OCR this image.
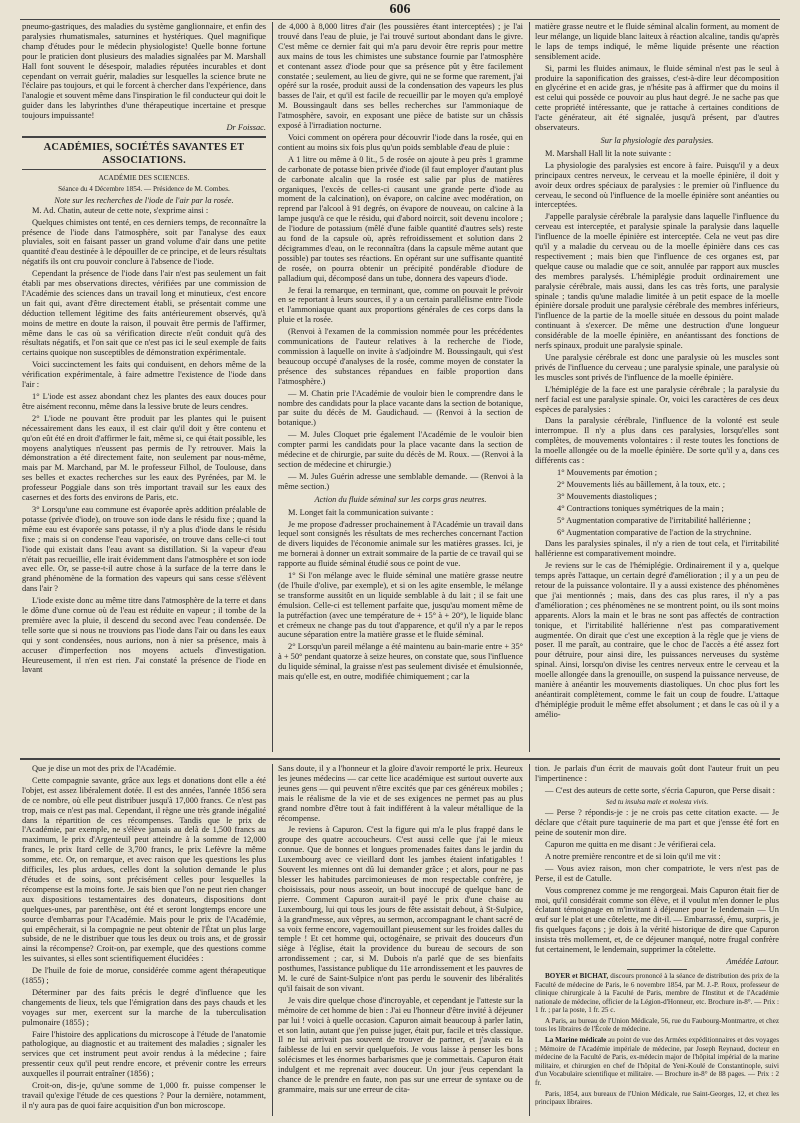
606

pneumo-gastriques, des maladies du système ganglionnaire, et enfin des paralysies rhumatismales, saturnines et hystériques. Quel magnifique champ d'études pour le médecin physiologiste! Quelle bonne fortune pour le praticien dont plusieurs des maladies signalées par M. Marshall Hall font souvent le désespoir, maladies réputées incurables et dont cependant on verrait guérir, maladies sur lesquelles la science brute ne l'éclaire pas toujours, et qui le forcent à chercher dans l'expérience, dans l'analogie et souvent même dans l'inspiration le fil conducteur qui doit le guider dans les labyrinthes d'une thérapeutique incertaine et presque toujours impuissante!

Dr Foissac.

ACADÉMIES, SOCIÉTÉS SAVANTES ET ASSOCIATIONS.
ACADÉMIE DES SCIENCES.
Séance du 4 Décembre 1854. — Présidence de M. Combes.
Note sur les recherches de l'iode de l'air par la rosée.

M. Ad. Chatin, auteur de cette note, s'exprime ainsi :

Quelques chimistes ont tenté, en ces derniers temps, de reconnaître la présence de l'iode dans l'atmosphère, soit par l'analyse des eaux pluviales, soit en faisant passer un grand volume d'air dans une petite quantité d'eau destinée à le dépouiller de ce principe, et de leurs résultats négatifs ils ont cru pouvoir conclure à l'absence de l'iode.

Cependant la présence de l'iode dans l'air n'est pas seulement un fait établi par mes observations directes, vérifiées par une commission de l'Académie des sciences dans un travail long et minutieux, c'est encore un fait qui, avant d'être directement établi, se présentait comme une déduction tellement légitime des faits antérieurement observés, qu'à moins de mettre en doute la raison, il pouvait être permis de l'affirmer, même dans le cas où sa vérification directe n'eût conduit qu'à des résultats négatifs, et l'on sait que ce n'est pas ici le seul exemple de faits certains quoique non susceptibles de démonstration expérimentale.

Voici succinctement les faits qui conduisent, en dehors même de la vérification expérimentale, à faire admettre l'existence de l'iode dans l'air :

1° L'iode est assez abondant chez les plantes des eaux douces pour être aisément reconnu, même dans la lessive brute de leurs cendres.

2° L'iode ne pouvant être produit par les plantes qui le puisent nécessairement dans les eaux, il est clair qu'il doit y être contenu et qu'on eût été en droit d'affirmer le fait, même si, ce qui était possible, les moyens analytiques n'eussent pas permis de l'y retrouver. Mais la démonstration a été directement faite, non seulement par nous-même, mais par M. Marchand, par M. le professeur Filhol, de Toulouse, dans ses belles et exactes recherches sur les eaux des Pyrénées, par M. le professeur Poggiale dans son très important travail sur les eaux des casernes et des forts des environs de Paris, etc.

3° Lorsqu'une eau commune est évaporée après addition préalable de potasse (privée d'iode), on trouve son iode dans le résidu fixe ; quand la même eau est évaporée sans potasse, il n'y a plus d'iode dans le résidu fixe ; mais si on condense l'eau vaporisée, on trouve dans celle-ci tout l'iode qui existait dans l'eau avant sa distillation. Si la vapeur d'eau n'était pas recueillie, elle irait évidemment dans l'atmosphère et son iode avec elle. Or, se passe-t-il autre chose à la surface de la terre dans le grand phénomène de la formation des vapeurs qui sans cesse s'élèvent dans l'air ?

L'iode existe donc au même titre dans l'atmosphère de la terre et dans le dôme d'une cornue où de l'eau est réduite en vapeur ; il tombe de la première avec la pluie, il descend du second avec l'eau condensée. De telle sorte que si nous ne trouvions pas l'iode dans l'air ou dans les eaux qui y sont condensées, nous aurions, non à nier sa présence, mais à accuser d'imperfection nos moyens actuels d'investigation. Heureusement, il n'en est rien. J'ai constaté la présence de l'iode en lavant

de 4,000 à 8,000 litres d'air (les poussières étant interceptées) ; je l'ai trouvé dans l'eau de pluie, je l'ai trouvé surtout abondant dans le givre. C'est même ce dernier fait qui m'a paru devoir être repris pour mettre aux mains de tous les chimistes une substance fournie par l'atmosphère et contenant assez d'iode pour que sa présence pût y être facilement constatée ; seulement, au lieu de givre, qui ne se forme que rarement, j'ai opéré sur la rosée, produit aussi de la condensation des vapeurs les plus basses de l'air, et qu'il est facile de recueillir par le moyen qu'a employé M. Boussingault dans ses belles recherches sur l'ammoniaque de l'atmosphère, savoir, en exposant une pièce de batiste sur un châssis exposé à l'irradiation nocturne.

Voici comment on opérera pour découvrir l'iode dans la rosée, qui en contient au moins six fois plus qu'un poids semblable d'eau de pluie :

A 1 litre ou même à 0 lit., 5 de rosée on ajoute à peu près 1 gramme de carbonate de potasse bien privée d'iode (il faut employer d'autant plus de carbonate alcalin que la rosée est salie par plus de matières organiques, l'excès de celles-ci causant une grande perte d'iode au moment de la calcination), on évapore, on calcine avec modération, on reprend par l'alcool à 91 degrés, on évapore de nouveau, on calcine à la lampe jusqu'à ce que le résidu, qui d'abord noircit, soit devenu incolore ; de l'iodure de potassium (mêlé d'une faible quantité d'autres sels) reste au fond de la capsule où, après refroidissement et solution dans 2 décigrammes d'eau, on le reconnaîtra (dans la capsule même autant que possible) par toutes ses réactions. En opérant sur une suffisante quantité de rosée, on pourra obtenir un précipité pondérable d'iodure de palladium qui, décomposé dans un tube, donnera des vapeurs d'iode.

Je ferai la remarque, en terminant, que, comme on pouvait le prévoir en se reportant à leurs sources, il y a un certain parallélisme entre l'iode et l'ammoniaque quant aux proportions générales de ces corps dans la pluie et la rosée.

(Renvoi à l'examen de la commission nommée pour les précédentes communications de l'auteur relatives à la recherche de l'iode, commission à laquelle on invite à s'adjoindre M. Boussingault, qui s'est beaucoup occupé d'analyses de la rosée, comme moyen de constater la présence des substances répandues en faible proportion dans l'atmosphère.)

— M. Chatin prie l'Académie de vouloir bien le comprendre dans le nombre des candidats pour la place vacante dans la section de botanique, par suite du décès de M. Gaudichaud. — (Renvoi à la section de botanique.)

— M. Jules Cloquet prie également l'Académie de le vouloir bien compter parmi les candidats pour la place vacante dans la section de médecine et de chirurgie, par suite du décès de M. Roux. — (Renvoi à la section de médecine et chirurgie.)

— M. Jules Guérin adresse une semblable demande. — (Renvoi à la même section.)

Action du fluide séminal sur les corps gras neutres.

M. Longet fait la communication suivante :

Je me propose d'adresser prochainement à l'Académie un travail dans lequel sont consignés les résultats de mes recherches concernant l'action de divers liquides de l'économie animale sur les matières grasses. Ici, je me bornerai à donner un extrait sommaire de la partie de ce travail qui se rapporte au fluide séminal étudié sous ce point de vue.

1° Si l'on mélange avec le fluide séminal une matière grasse neutre (de l'huile d'olive, par exemple), et si on les agite ensemble, le mélange se transforme aussitôt en un liquide semblable à du lait ; il se fait une émulsion. Celle-ci est tellement parfaite que, jusqu'au moment même de la putréfaction (avec une température de + 15° à + 20°), le liquide blanc et crémeux ne change pas du tout d'apparence, et qu'il n'y a par le repos aucune séparation entre la matière grasse et le fluide séminal.

2° Lorsqu'un pareil mélange a été maintenu au bain-marie entre + 35° à + 50° pendant quatorze à seize heures, on constate que, sous l'influence du liquide séminal, la graisse n'est pas seulement divisée et émulsionnée, mais qu'elle est, en outre, modifiée chimiquement ; car la

matière grasse neutre et le fluide séminal alcalin forment, au moment de leur mélange, un liquide blanc laiteux à réaction alcaline, tandis qu'après le laps de temps indiqué, le même liquide présente une réaction sensiblement acide.

Si, parmi les fluides animaux, le fluide séminal n'est pas le seul à produire la saponification des graisses, c'est-à-dire leur décomposition en glycérine et en acide gras, je n'hésite pas à affirmer que du moins il est celui qui possède ce pouvoir au plus haut degré. Je ne sache pas que cette propriété intéressante, que je rattache à certaines conditions de l'acte générateur, ait été signalée, jusqu'à présent, par d'autres observateurs.

Sur la physiologie des paralysies.

M. Marshall Hall lit la note suivante :

La physiologie des paralysies est encore à faire. Puisqu'il y a deux principaux centres nerveux, le cerveau et la moelle épinière, il doit y avoir deux ordres spéciaux de paralysies : le premier où l'influence du cerveau, le second où l'influence de la moelle épinière sont anéanties ou interceptées.

J'appelle paralysie cérébrale la paralysie dans laquelle l'influence du cerveau est interceptée, et paralysie spinale la paralysie dans laquelle l'influence de la moelle épinière est interceptée. Cela ne veut pas dire qu'il y a maladie du cerveau ou de la moelle épinière dans ces cas respectivement ; mais bien que l'influence de ces organes est, par quelque cause ou maladie que ce soit, annulée par rapport aux muscles des membres paralysés. L'hémiplégie produit ordinairement une paralysie cérébrale, mais aussi, dans les cas très forts, une paralysie spinale ; tandis qu'une maladie limitée à un petit espace de la moelle épinière dorsale produit une paralysie cérébrale des membres inférieurs, l'influence de la partie de la moelle située en dessous du point malade continuant à s'exercer. De même une destruction d'une longueur considérable de la moelle épinière, en anéantissant des fonctions de nerfs spinaux, produit une paralysie spinale.

Une paralysie cérébrale est donc une paralysie où les muscles sont privés de l'influence du cerveau ; une paralysie spinale, une paralysie où les muscles sont privés de l'influence de la moelle épinière.

L'hémiplégie de la face est une paralysie cérébrale ; la paralysie du nerf facial est une paralysie spinale. Or, voici les caractères de ces deux espèces de paralysies :

Dans la paralysie cérébrale, l'influence de la volonté est seule interrompue. Il n'y a plus dans ces paralysies, lorsqu'elles sont complètes, de mouvements volontaires : il reste toutes les fonctions de la moelle allongée ou de la moelle épinière. De sorte qu'il y a, dans ces différents cas :

1° Mouvements par émotion ;

2° Mouvements liés au bâillement, à la toux, etc. ;

3° Mouvements diastoliques ;

4° Contractions toniques symétriques de la main ;

5° Augmentation comparative de l'irritabilité hallérienne ;

6° Augmentation comparative de l'action de la strychnine.

Dans les paralysies spinales, il n'y a rien de tout cela, et l'irritabilité hallérienne est comparativement moindre.

Je reviens sur le cas de l'hémiplégie. Ordinairement il y a, quelque temps après l'attaque, un certain degré d'amélioration ; il y a un peu de retour de la puissance volontaire. Il y a aussi existence des phénomènes que j'ai mentionnés ; mais, dans des cas plus rares, il n'y a pas d'amélioration ; ces phénomènes ne se montrent point, ou ils sont moins apparents. Alors la main et le bras ne sont pas affectés de contraction tonique, et l'irritabilité hallérienne n'est pas comparativement augmentée. On dirait que c'est une exception à la règle que je viens de poser. Il me paraît, au contraire, que le choc de l'accès a été assez fort pour détruire, pour ainsi dire, les puissances nerveuses du système spinal. Ainsi, lorsqu'on divise les centres nerveux entre le cerveau et la moelle allongée dans la grenouille, on suspend la puissance nerveuse, de manière à anéantir les mouvements diastoliques. Un choc plus fort les anéantirait complètement, comme le fait un coup de foudre. L'attaque d'hémiplégie produit le même effet absolument ; et dans le cas où il y a amélio-

Que je dise un mot des prix de l'Académie.

Cette compagnie savante, grâce aux legs et donations dont elle a été l'objet, est assez libéralement dotée. Il est des années, l'année 1856 sera de ce nombre, où elle peut distribuer jusqu'à 17,000 francs. Ce n'est pas trop, mais ce n'est pas mal. Cependant, il règne une très grande inégalité dans la répartition de ces récompenses. Tandis que le prix de l'Académie, par exemple, ne s'élève jamais au delà de 1,500 francs au maximum, le prix d'Argenteuil peut atteindre à la somme de 12,000 francs, le prix Itard celle de 3,700 francs, le prix Lefèvre la même somme, etc. Or, on remarque, et avec raison que les questions les plus difficiles, les plus ardues, celles dont la solution demande le plus d'études et de soins, sont précisément celles pour lesquelles la récompense est la moins forte. Je sais bien que l'on ne peut rien changer aux dispositions testamentaires des donateurs, dispositions dont quelques-unes, par parenthèse, ont été et seront longtemps encore une source d'embarras pour l'Académie. Mais pour le prix de l'Académie, qui empêcherait, si la compagnie ne peut obtenir de l'État un plus large subside, de ne le distribuer que tous les deux ou trois ans, et de grossir ainsi la récompense? Croit-on, par exemple, que des questions comme les suivantes, si elles sont scientifiquement élucidées :

De l'huile de foie de morue, considérée comme agent thérapeutique (1855) ;

Déterminer par des faits précis le degré d'influence que les changements de lieux, tels que l'émigration dans des pays chauds et les voyages sur mer, exercent sur la marche de la tuberculisation pulmonaire (1855) ;

Faire l'histoire des applications du microscope à l'étude de l'anatomie pathologique, au diagnostic et au traitement des maladies ; signaler les services que cet instrument peut avoir rendus à la médecine ; faire pressentir ceux qu'il peut rendre encore, et prévenir contre les erreurs auxquelles il pourrait entraîner (1856) ;

Croit-on, dis-je, qu'une somme de 1,000 fr. puisse compenser le travail qu'exige l'étude de ces questions ? Pour la dernière, notamment, il n'y aura pas de quoi faire acquisition d'un bon microscope.

Sans doute, il y a l'honneur et la gloire d'avoir remporté le prix. Heureux les jeunes médecins — car cette lice académique est surtout ouverte aux jeunes gens — qui peuvent n'être excités que par ces généreux mobiles ; mais le réalisme de la vie et de ses exigences ne permet pas au plus grand nombre d'être tout à fait indifférent à la valeur métallique de la récompense.

Je reviens à Capuron. C'est la figure qui m'a le plus frappé dans le groupe des quatre accoucheurs. C'est aussi celle que j'ai le mieux connue. Que de bonnes et longues promenades faites dans le jardin du Luxembourg avec ce vieillard dont les jambes étaient infatigables ! Souvent les miennes ont dû lui demander grâce ; et alors, pour ne pas blesser les habitudes parcimonieuses de mon respectable confrère, je choisissais, pour nous asseoir, un bout inoccupé de quelque banc de pierre. Comment Capuron aurait-il payé le prix d'une chaise au Luxembourg, lui qui tous les jours de fête assistait debout, à St-Sulpice, à la grand'messe, aux vêpres, au sermon, accompagnant le chant sacré de sa voix ferme encore, vagemouillant pieusement sur les froides dalles du temple ! Et cet homme qui, octogénaire, se privait des douceurs d'un siège à l'église, était la providence du bureau de secours de son arrondissement ; car, si M. Dubois n'a parlé que de ses bienfaits posthumes, l'assistance publique du 11e arrondissement et les pauvres de M. le curé de Saint-Sulpice n'ont pas perdu le souvenir des libéralités qu'il faisait de son vivant.

Je vais dire quelque chose d'incroyable, et cependant je l'atteste sur la mémoire de cet homme de bien : J'ai eu l'honneur d'être invité à déjeuner par lui ! voici à quelle occasion. Capuron aimait beaucoup à parler latin, et son latin, autant que j'en puisse juger, était pur, facile et très classique. Il ne lui arrivait pas souvent de trouver de partner, et j'avais eu la faiblesse de lui en servir quelquefois. Je vous laisse à penser les bons solécismes et les énormes barbarismes que je commettais. Capuron était indulgent et me reprenait avec douceur. Un jour j'eus cependant la chance de le prendre en faute, non pas sur une erreur de syntaxe ou de grammaire, mais sur une erreur de cita-

tion. Je parlais d'un écrit de mauvais goût dont l'auteur fruit un peu l'impertinence :

— C'est des auteurs de cette sorte, s'écria Capuron, que Perse disait :

Sed tu insulsa male et molesta vivis.

— Perse ? répondis-je : je ne crois pas cette citation exacte. — Je déclare que c'était pure taquinerie de ma part et que j'ensse été fort en peine de soutenir mon dire.

Capuron me quitta en me disant : Je vérifierai cela.

A notre première rencontre et de si loin qu'il me vit :

— Vous aviez raison, mon cher compatriote, le vers n'est pas de Perse, il est de Catulle.

Vous comprenez comme je me rengorgeai. Mais Capuron était fier de moi, qu'il considérait comme son élève, et il voulut m'en donner le plus éclatant témoignage en m'invitant à déjeuner pour le lendemain — Un œuf sur le plat et une côtelette, me dit-il. — Embarrassé, ému, surpris, je fis quelques façons ; je dois à la vérité historique de dire que Capuron insista très mollement, et, de ce déjeuner manqué, notre frugal confrère fut certainement, le lendemain, supprimer la côtelette.

Amédée Latour.

BOYER et BICHAT, discours prononcé à la séance de distribution des prix de la Faculté de médecine de Paris, le 6 novembre 1854, par M. J.-P. Roux, professeur de clinique chirurgicale à la Faculté de Paris, membre de l'Institut et de l'Académie nationale de médecine, officier de la Légion-d'Honneur, etc. Brochure in-8°. — Prix : 1 fr. ; par la poste, 1 fr. 25 c.

A Paris, au bureau de l'Union Médicale, 56, rue du Faubourg-Montmartre, et chez tous les libraires de l'École de médecine.

La Marine médicale au point de vue des Armées expéditionnaires et des voyages ; Mémoire de l'Académie impériale de médecine, par Joseph Reynaud, docteur en médecine de la Faculté de Paris, ex-médecin major de l'hôpital impérial de la marine militaire, et chirurgien en chef de l'hôpital de Yeni-Koulé de Constantinople, suivi d'un Vocabulaire scientifique et militaire. — Brochure in-8° de 88 pages. — Prix : 2 fr.

Paris, 1854, aux bureaux de l'Union Médicale, rue Saint-Georges, 12, et chez les principaux libraires.
